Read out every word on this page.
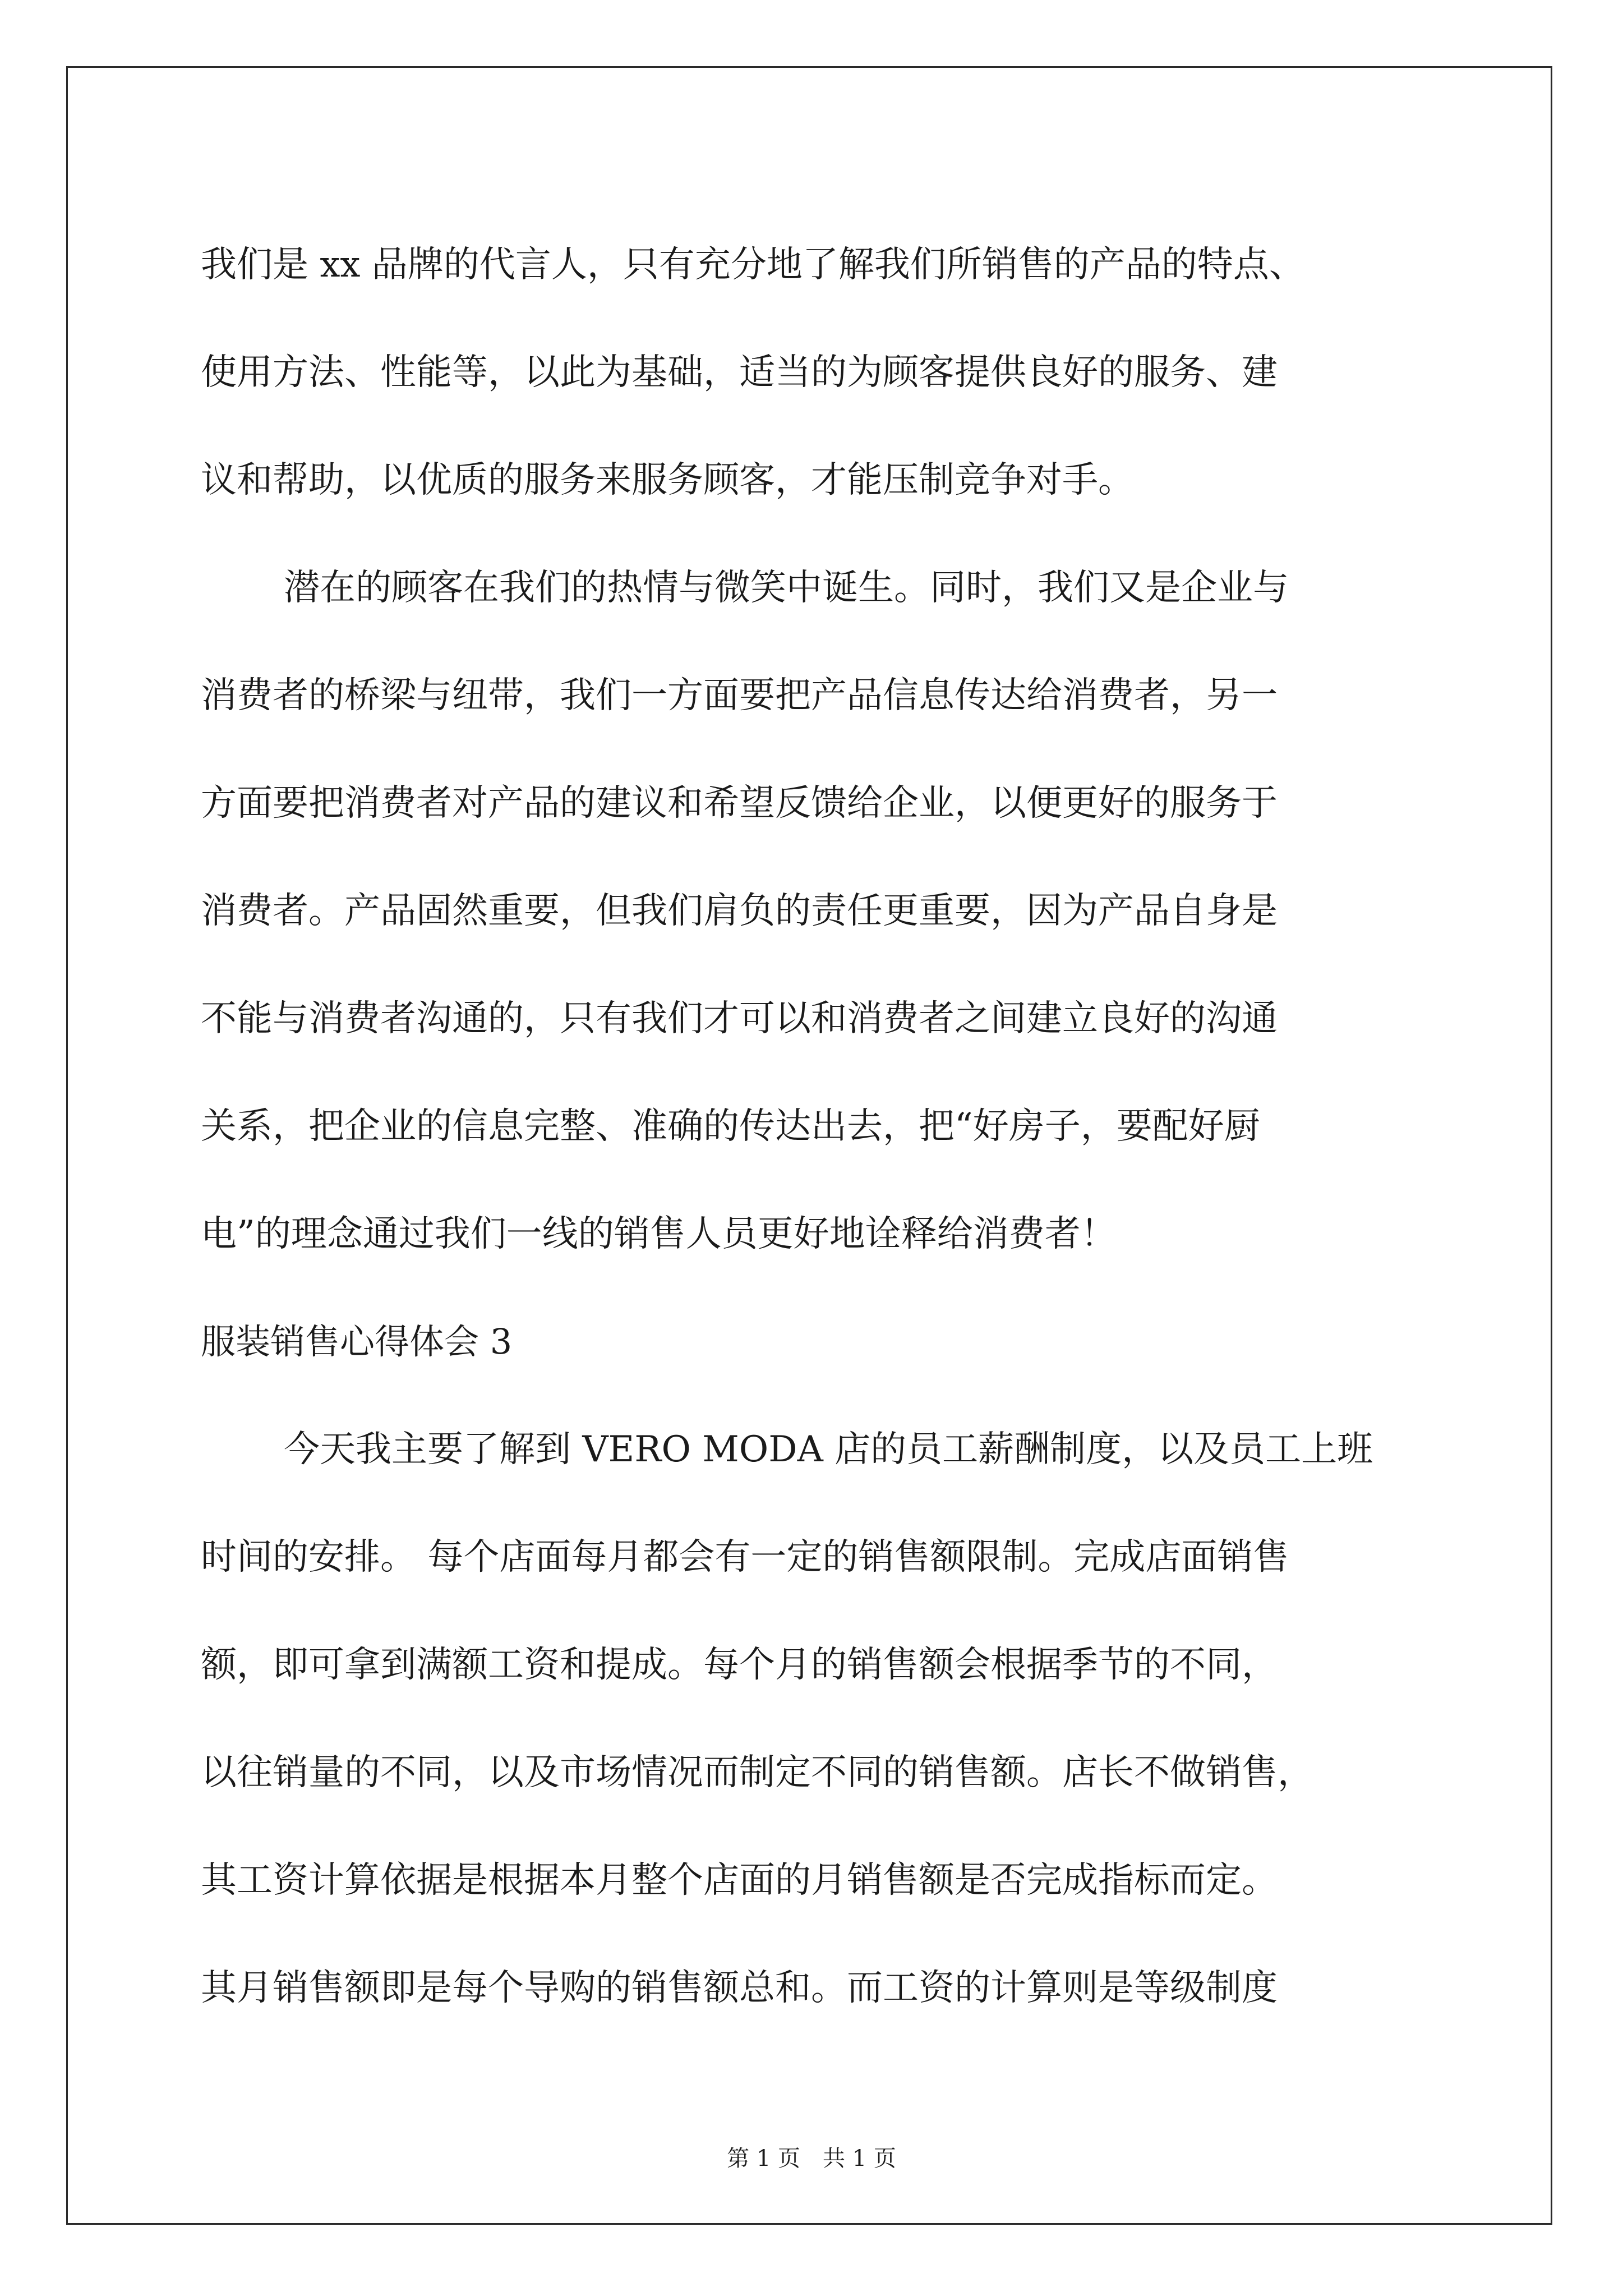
我们是 xx 品牌的代言人，只有充分地了解我们所销售的产品的特点、
使用方法、性能等，以此为基础，适当的为顾客提供良好的服务、建
议和帮助，以优质的服务来服务顾客，才能压制竞争对手。
潜在的顾客在我们的热情与微笑中诞生。同时，我们又是企业与
消费者的桥梁与纽带，我们一方面要把产品信息传达给消费者，另一
方面要把消费者对产品的建议和希望反馈给企业，以便更好的服务于
消费者。产品固然重要，但我们肩负的责任更重要，因为产品自身是
不能与消费者沟通的，只有我们才可以和消费者之间建立良好的沟通
关系，把企业的信息完整、准确的传达出去，把“好房子，要配好厨
电”的理念通过我们一线的销售人员更好地诠释给消费者！
服装销售心得体会 3
今天我主要了解到 VERO MODA 店的员工薪酬制度，以及员工上班
时间的安排。 每个店面每月都会有一定的销售额限制。完成店面销售
额，即可拿到满额工资和提成。每个月的销售额会根据季节的不同，
以往销量的不同，以及市场情况而制定不同的销售额。店长不做销售，
其工资计算依据是根据本月整个店面的月销售额是否完成指标而定。
其月销售额即是每个导购的销售额总和。而工资的计算则是等级制度
第 1 页　共 1 页
